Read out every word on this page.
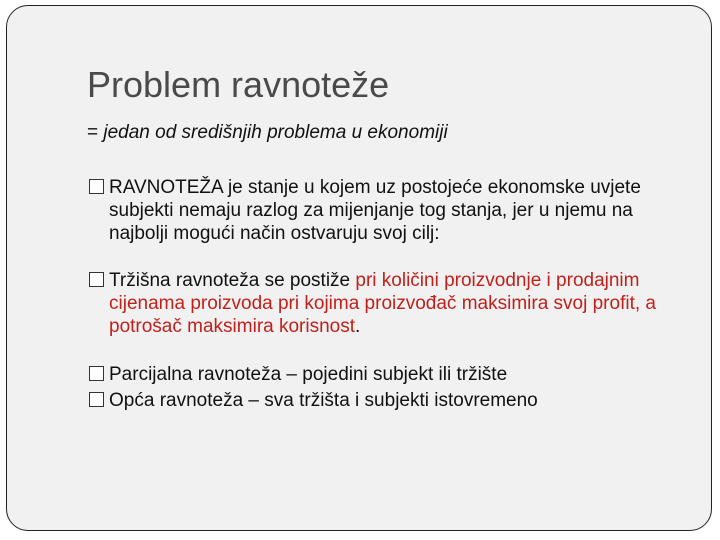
Problem ravnoteže
= jedan od središnjih problema u ekonomiji
RAVNOTEŽA je stanje u kojem uz postojeće ekonomske uvjete subjekti nemaju razlog za mijenjanje tog stanja, jer u njemu na najbolji mogući način ostvaruju svoj cilj:
Tržišna ravnoteža se postiže pri količini proizvodnje i prodajnim cijenama proizvoda pri kojima proizvođač maksimira svoj profit, a potrošač maksimira korisnost.
Parcijalna ravnoteža – pojedini subjekt ili tržište
Opća ravnoteža – sva tržišta i subjekti istovremeno
